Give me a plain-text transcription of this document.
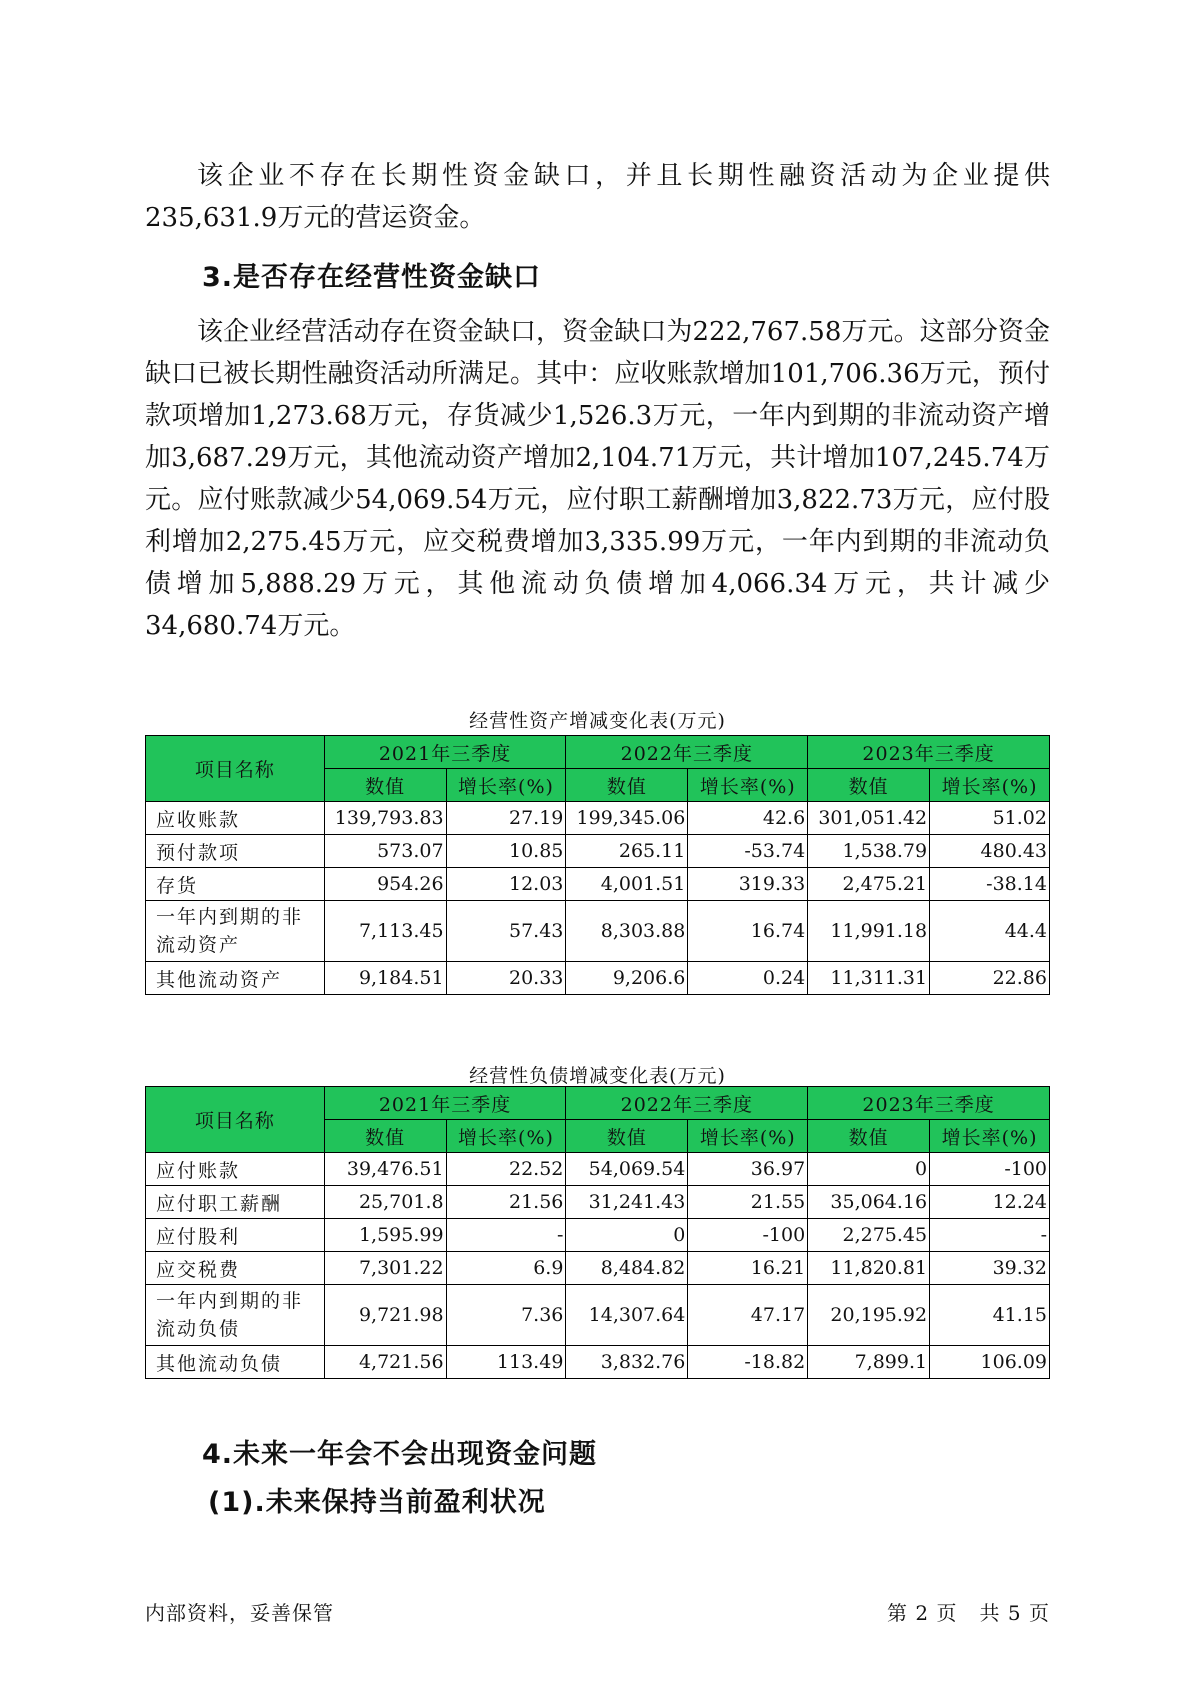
该企业不存在长期性资金缺口，并且长期性融资活动为企业提供235,631.9万元的营运资金。

3.是否存在经营性资金缺口

该企业经营活动存在资金缺口，资金缺口为222,767.58万元。这部分资金缺口已被长期性融资活动所满足。其中：应收账款增加101,706.36万元，预付款项增加1,273.68万元，存货减少1,526.3万元，一年内到期的非流动资产增加3,687.29万元，其他流动资产增加2,104.71万元，共计增加107,245.74万元。应付账款减少54,069.54万元，应付职工薪酬增加3,822.73万元，应付股利增加2,275.45万元，应交税费增加3,335.99万元，一年内到期的非流动负债增加5,888.29万元，其他流动负债增加4,066.34万元，共计减少34,680.74万元。

经营性资产增减变化表(万元)
项目名称	2021年三季度		2022年三季度		2023年三季度	
	数值	增长率(%)	数值	增长率(%)	数值	增长率(%)
应收账款	139,793.83	27.19	199,345.06	42.6	301,051.42	51.02
预付款项	573.07	10.85	265.11	-53.74	1,538.79	480.43
存货	954.26	12.03	4,001.51	319.33	2,475.21	-38.14
一年内到期的非流动资产	7,113.45	57.43	8,303.88	16.74	11,991.18	44.4
其他流动资产	9,184.51	20.33	9,206.6	0.24	11,311.31	22.86
经营性负债增减变化表(万元)
项目名称	2021年三季度		2022年三季度		2023年三季度	
	数值	增长率(%)	数值	增长率(%)	数值	增长率(%)
应付账款	39,476.51	22.52	54,069.54	36.97	0	-100
应付职工薪酬	25,701.8	21.56	31,241.43	21.55	35,064.16	12.24
应付股利	1,595.99	-	0	-100	2,275.45	-
应交税费	7,301.22	6.9	8,484.82	16.21	11,820.81	39.32
一年内到期的非流动负债	9,721.98	7.36	14,307.64	47.17	20,195.92	41.15
其他流动负债	4,721.56	113.49	3,832.76	-18.82	7,899.1	106.09
4.未来一年会不会出现资金问题
(1).未来保持当前盈利状况
内部资料，妥善保管	第 2 页   共 5 页
